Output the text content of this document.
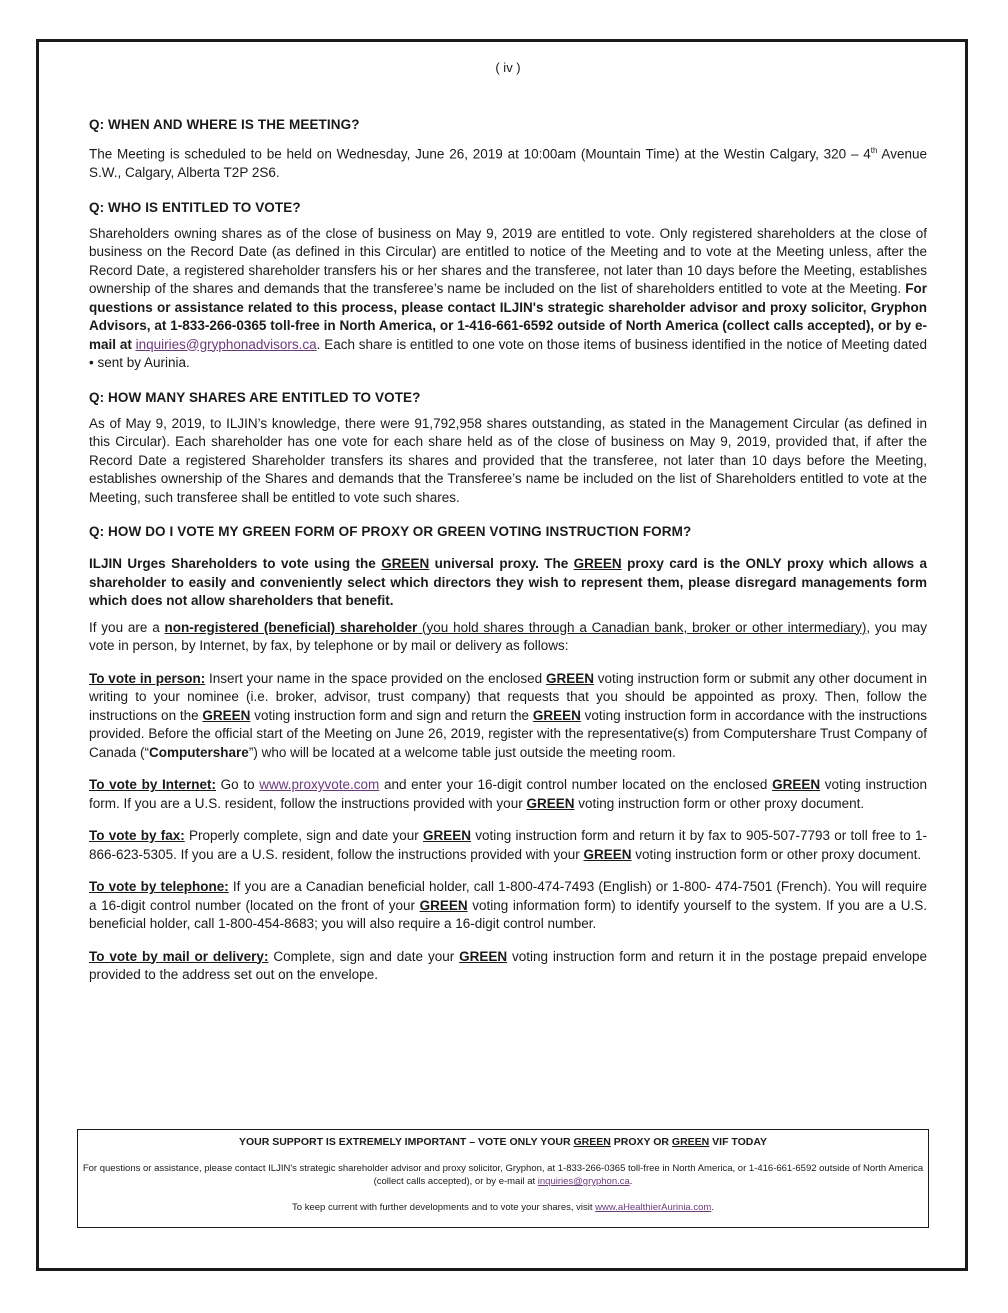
( iv )
Q: WHEN AND WHERE IS THE MEETING?

The Meeting is scheduled to be held on Wednesday, June 26, 2019 at 10:00am (Mountain Time) at the Westin Calgary, 320 – 4th Avenue S.W., Calgary, Alberta T2P 2S6.

Q: WHO IS ENTITLED TO VOTE?

Shareholders owning shares as of the close of business on May 9, 2019 are entitled to vote. Only registered shareholders at the close of business on the Record Date (as defined in this Circular) are entitled to notice of the Meeting and to vote at the Meeting unless, after the Record Date, a registered shareholder transfers his or her shares and the transferee, not later than 10 days before the Meeting, establishes ownership of the shares and demands that the transferee’s name be included on the list of shareholders entitled to vote at the Meeting. For questions or assistance related to this process, please contact ILJIN's strategic shareholder advisor and proxy solicitor, Gryphon Advisors, at 1-833-266-0365 toll-free in North America, or 1-416-661-6592 outside of North America (collect calls accepted), or by e-mail at inquiries@gryphonadvisors.ca. Each share is entitled to one vote on those items of business identified in the notice of Meeting dated • sent by Aurinia.

Q: HOW MANY SHARES ARE ENTITLED TO VOTE?

As of May 9, 2019, to ILJIN’s knowledge, there were 91,792,958 shares outstanding, as stated in the Management Circular (as defined in this Circular). Each shareholder has one vote for each share held as of the close of business on May 9, 2019, provided that, if after the Record Date a registered Shareholder transfers its shares and provided that the transferee, not later than 10 days before the Meeting, establishes ownership of the Shares and demands that the Transferee’s name be included on the list of Shareholders entitled to vote at the Meeting, such transferee shall be entitled to vote such shares.

Q: HOW DO I VOTE MY GREEN FORM OF PROXY OR GREEN VOTING INSTRUCTION FORM?

ILJIN Urges Shareholders to vote using the GREEN universal proxy. The GREEN proxy card is the ONLY proxy which allows a shareholder to easily and conveniently select which directors they wish to represent them, please disregard managements form which does not allow shareholders that benefit.

If you are a non-registered (beneficial) shareholder (you hold shares through a Canadian bank, broker or other intermediary), you may vote in person, by Internet, by fax, by telephone or by mail or delivery as follows:

To vote in person: Insert your name in the space provided on the enclosed GREEN voting instruction form or submit any other document in writing to your nominee (i.e. broker, advisor, trust company) that requests that you should be appointed as proxy. Then, follow the instructions on the GREEN voting instruction form and sign and return the GREEN voting instruction form in accordance with the instructions provided. Before the official start of the Meeting on June 26, 2019, register with the representative(s) from Computershare Trust Company of Canada (“Computershare”) who will be located at a welcome table just outside the meeting room.

To vote by Internet: Go to www.proxyvote.com and enter your 16-digit control number located on the enclosed GREEN voting instruction form. If you are a U.S. resident, follow the instructions provided with your GREEN voting instruction form or other proxy document.

To vote by fax: Properly complete, sign and date your GREEN voting instruction form and return it by fax to 905-507-7793 or toll free to 1-866-623-5305. If you are a U.S. resident, follow the instructions provided with your GREEN voting instruction form or other proxy document.

To vote by telephone: If you are a Canadian beneficial holder, call 1-800-474-7493 (English) or 1-800- 474-7501 (French). You will require a 16-digit control number (located on the front of your GREEN voting information form) to identify yourself to the system. If you are a U.S. beneficial holder, call 1-800-454-8683; you will also require a 16-digit control number.

To vote by mail or delivery: Complete, sign and date your GREEN voting instruction form and return it in the postage prepaid envelope provided to the address set out on the envelope.

YOUR SUPPORT IS EXTREMELY IMPORTANT – VOTE ONLY YOUR GREEN PROXY OR GREEN VIF TODAY
For questions or assistance, please contact ILJIN's strategic shareholder advisor and proxy solicitor, Gryphon, at 1-833-266-0365 toll-free in North America, or 1-416-661-6592 outside of North America (collect calls accepted), or by e-mail at inquiries@gryphon.ca.
To keep current with further developments and to vote your shares, visit www.aHealthierAurinia.com.
